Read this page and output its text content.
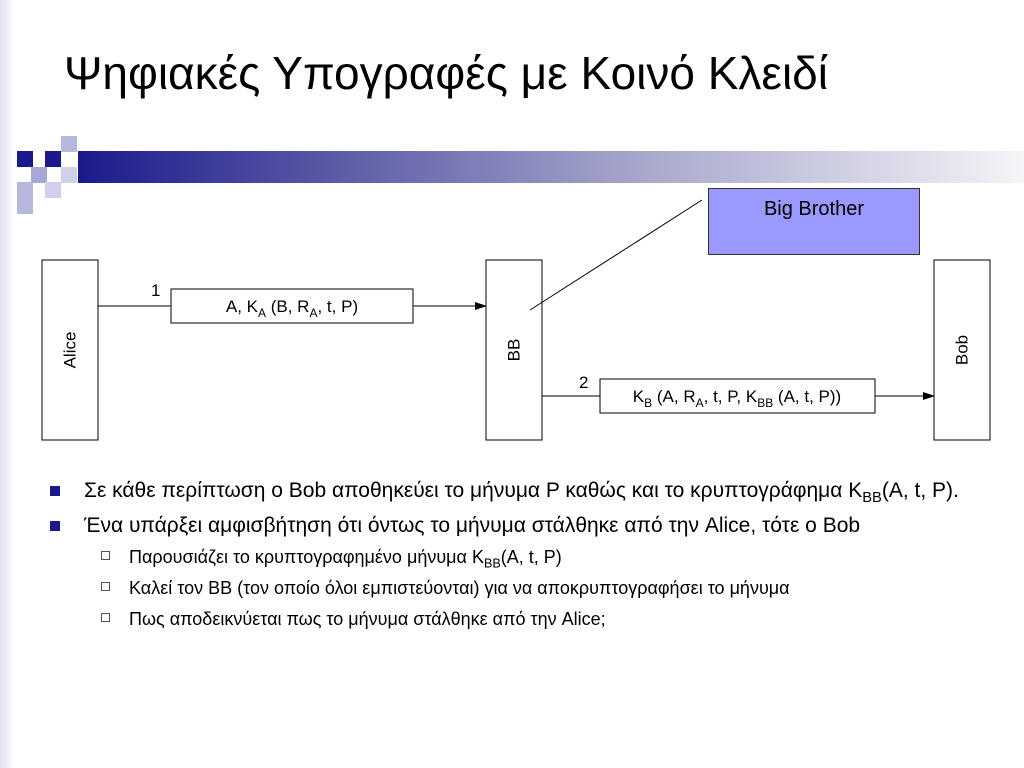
Ψηφιακές Υπογραφές με Κοινό Κλειδί
Alice	BB	Bob
1
A, $K_A$ (B, $R_A$, t, P)
2
$K_B$ (A, $R_A$, t, P, $K_{BB}$ (A, t, P))
Big Brother
Σε κάθε περίπτωση ο Bob αποθηκεύει το μήνυμα P καθώς και το κρυπτογράφημα $K_{BB}(A$, t, P).
Ένα υπάρξει αμφισβήτηση ότι όντως το μήνυμα στάλθηκε από την Alice, τότε ο Bob
Παρουσιάζει το κρυπτογραφημένο μήνυμα $K_{BB}(A$, t, P)
Καλεί τον BB (τον οποίο όλοι εμπιστεύονται) για να αποκρυπτογραφήσει το μήνυμα
Πως αποδεικνύεται πως το μήνυμα στάλθηκε από την Alice;
